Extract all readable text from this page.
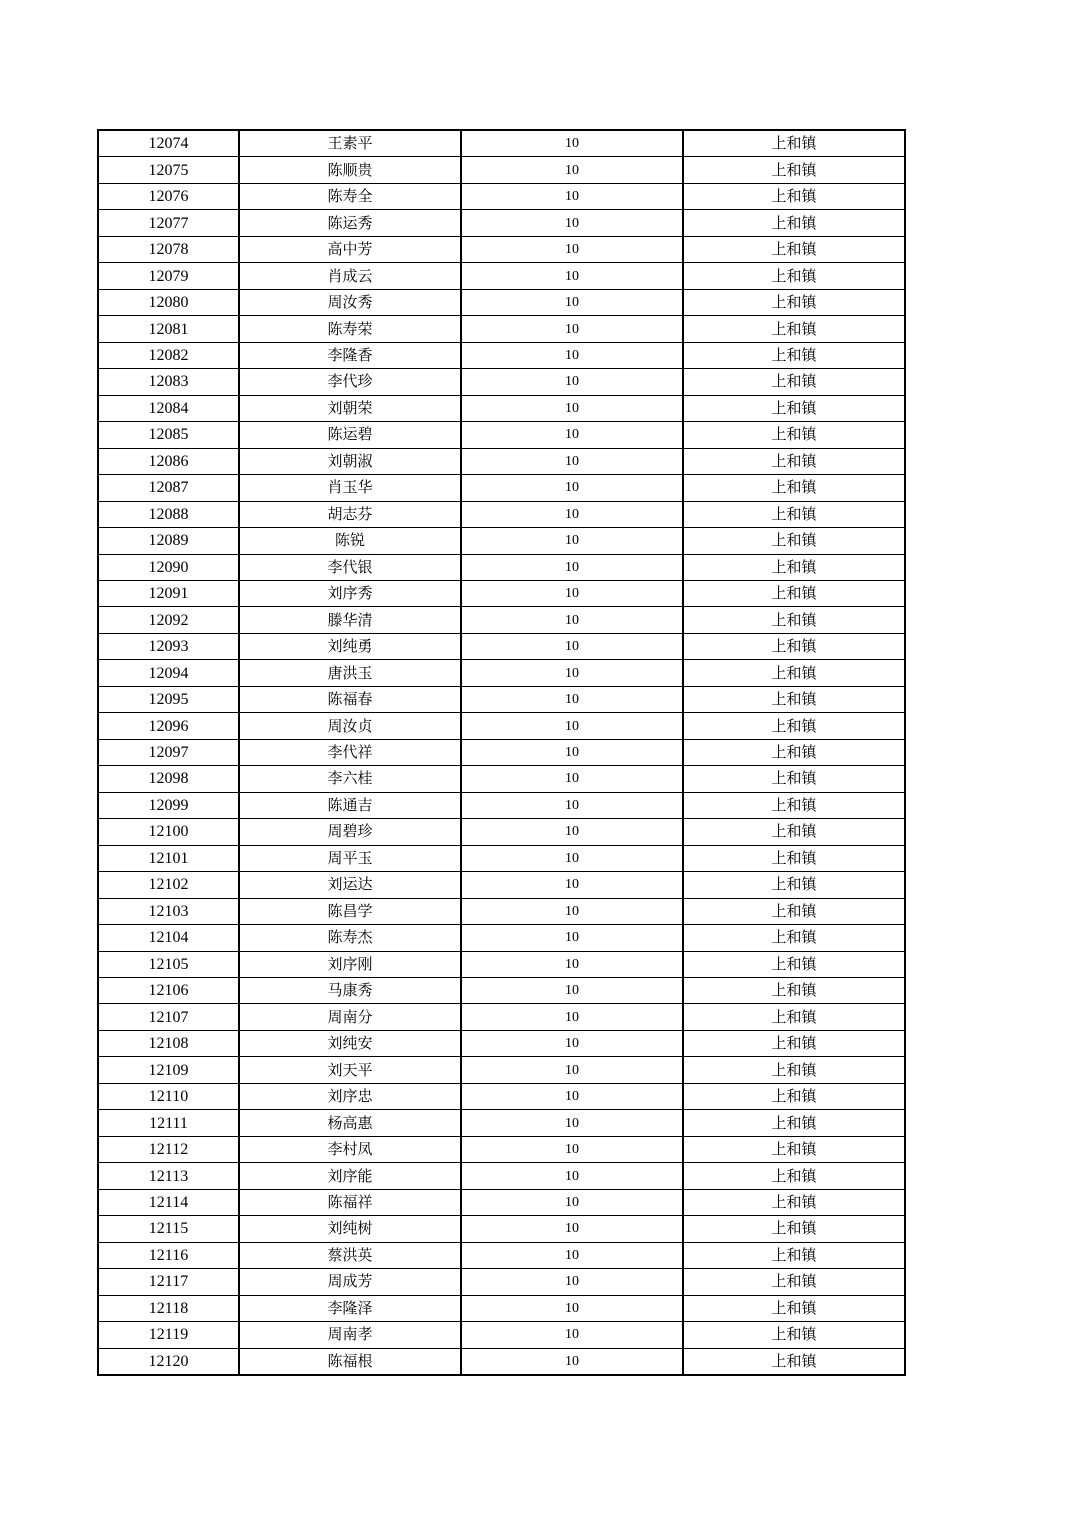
12074	王素平	10	上和镇
12075	陈顺贵	10	上和镇
12076	陈寿全	10	上和镇
12077	陈运秀	10	上和镇
12078	高中芳	10	上和镇
12079	肖成云	10	上和镇
12080	周汝秀	10	上和镇
12081	陈寿荣	10	上和镇
12082	李隆香	10	上和镇
12083	李代珍	10	上和镇
12084	刘朝荣	10	上和镇
12085	陈运碧	10	上和镇
12086	刘朝淑	10	上和镇
12087	肖玉华	10	上和镇
12088	胡志芬	10	上和镇
12089	陈锐	10	上和镇
12090	李代银	10	上和镇
12091	刘序秀	10	上和镇
12092	滕华清	10	上和镇
12093	刘纯勇	10	上和镇
12094	唐洪玉	10	上和镇
12095	陈福春	10	上和镇
12096	周汝贞	10	上和镇
12097	李代祥	10	上和镇
12098	李六桂	10	上和镇
12099	陈通吉	10	上和镇
12100	周碧珍	10	上和镇
12101	周平玉	10	上和镇
12102	刘运达	10	上和镇
12103	陈昌学	10	上和镇
12104	陈寿杰	10	上和镇
12105	刘序刚	10	上和镇
12106	马康秀	10	上和镇
12107	周南分	10	上和镇
12108	刘纯安	10	上和镇
12109	刘天平	10	上和镇
12110	刘序忠	10	上和镇
12111	杨高惠	10	上和镇
12112	李村凤	10	上和镇
12113	刘序能	10	上和镇
12114	陈福祥	10	上和镇
12115	刘纯树	10	上和镇
12116	蔡洪英	10	上和镇
12117	周成芳	10	上和镇
12118	李隆泽	10	上和镇
12119	周南孝	10	上和镇
12120	陈福根	10	上和镇
